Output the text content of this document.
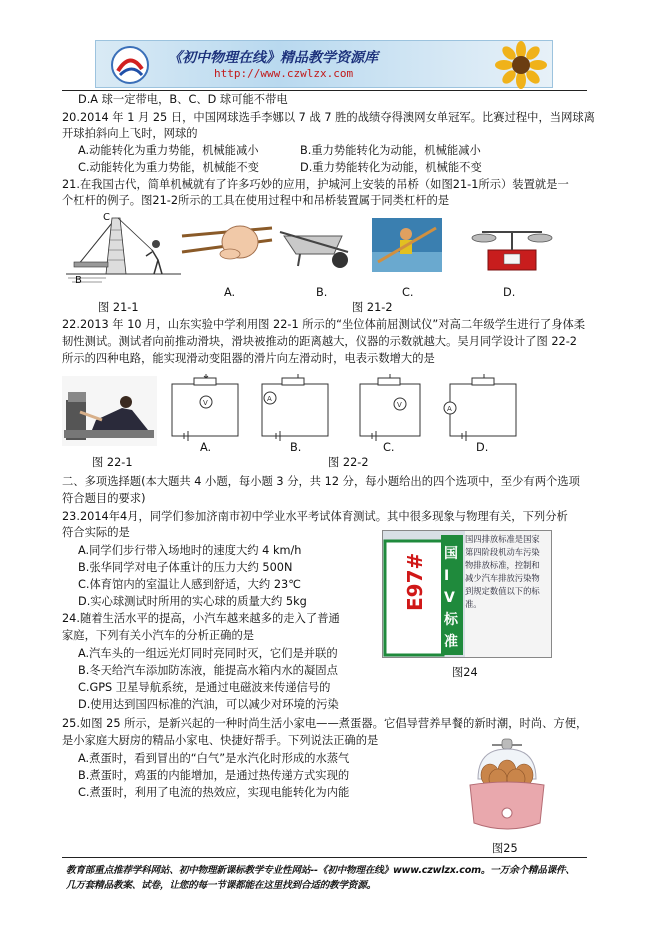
《初中物理在线》精品教学资源库
http://www.czwlzx.com
D.A 球一定带电，B、C、D 球可能不带电
20.2014 年 1 月 25 日，中国网球选手李娜以 7 战 7 胜的战绩夺得澳网女单冠军。比赛过程中，当网球离
开球拍斜向上飞时，网球的
A.动能转化为重力势能，机械能减小	B.重力势能转化为动能，机械能减小
C.动能转化为重力势能，机械能不变	D.重力势能转化为动能，机械能不变
21.在我国古代，简单机械就有了许多巧妙的应用，护城河上安装的吊桥（如图21-1所示）装置就是一
个杠杆的例子。图21-2所示的工具在使用过程中和吊桥装置属于同类杠杆的是
C
B
A.	B.	C.	D.
图 21-1	图 21-2
22.2013 年 10 月，山东实验中学利用图 22-1 所示的“坐位体前屈测试仪”对高二年级学生进行了身体柔
韧性测试。测试者向前推动滑块，滑块被推动的距离越大，仪器的示数就越大。吴月同学设计了图 22-2
所示的四种电路，能实现滑动变阻器的滑片向左滑动时，电表示数增大的是
V	A
V	A
A.	B.	C.	D.
图 22-1	图 22-2
二、多项选择题(本大题共 4 小题，每小题 3 分，共 12 分，每小题给出的四个选项中，至少有两个选项
符合题目的要求)
23.2014年4月，同学们参加济南市初中学业水平考试体育测试。其中很多现象与物理有关，下列分析
符合实际的是
A.同学们步行带入场地时的速度大约 4 km/h
B.张华同学对电子体重计的压力大约 500N
C.体育馆内的室温让人感到舒适，大约 23℃
D.实心球测试时所用的实心球的质量大约 5kg	E97# 国IV标准
国四排放标准是国家第四阶段机动车污染物排放标准，控制和减少汽车排放污染物到规定数值以下的标准。
24.随着生活水平的提高，小汽车越来越多的走入了普通
家庭，下列有关小汽车的分析正确的是
A.汽车头的一组远光灯同时亮同时灭，它们是并联的
B.冬天给汽车添加防冻液，能提高水箱内水的凝固点
C.GPS 卫星导航系统，是通过电磁波来传递信号的
D.使用达到国四标准的汽油，可以减少对环境的污染
图24
25.如图 25 所示，是新兴起的一种时尚生活小家电——煮蛋器。它倡导营养早餐的新时潮，时尚、方便，
是小家庭大厨房的精品小家电、快捷好帮手。下列说法正确的是
A.煮蛋时，看到冒出的“白气”是水汽化时形成的水蒸气
B.煮蛋时，鸡蛋的内能增加，是通过热传递方式实现的
C.煮蛋时，利用了电流的热效应，实现电能转化为内能
图25
教育部重点推荐学科网站、初中物理新课标教学专业性网站--《初中物理在线》www.czwlzx.com。一万余个精品课件、
几万套精品教案、试卷，让您的每一节课都能在这里找到合适的教学资源。
